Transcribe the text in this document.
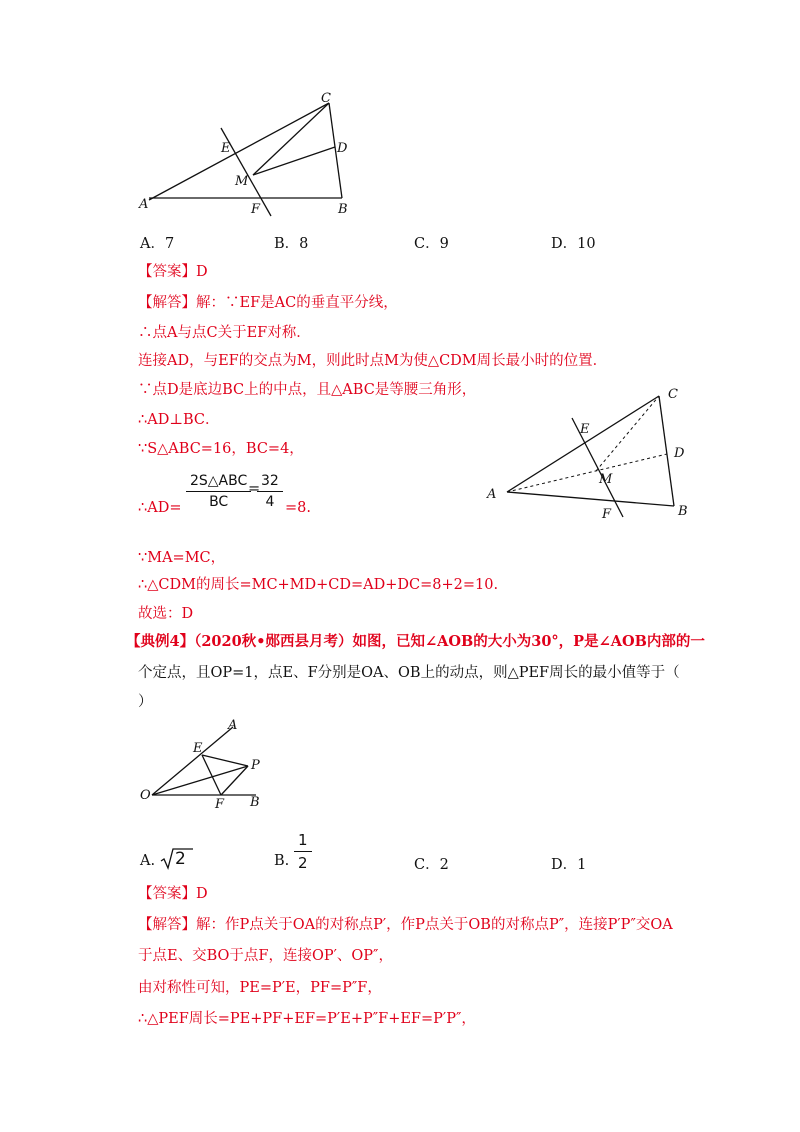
C
E	D
M
A	F	B
A．7	B．8	C．9	D．10
【答案】D
【解答】解：∵EF是AC的垂直平分线，
∴点A与点C关于EF对称．
连接AD，与EF的交点为M，则此时点M为使△CDM周长最小时的位置．
∵点D是底边BC上的中点，且△ABC是等腰三角形，
∴AD⊥BC．
∵S△ABC=16，BC=4，
∴AD=
2S△ABC
BC
=
$\frac{32}{4} =8$.
∵MA=MC，
∴△CDM的周长=MC+MD+CD=AD+DC=8+2=10.
故选：D
C
E
D
M
A
F	B
【典例4】（2020秋•郧西县月考）如图，已知∠AOB的大小为30°，P是∠AOB内部的一
个定点，且OP=1，点E、F分别是OA、OB上的动点，则△PEF周长的最小值等于（
）
A
E
P
O
F B
A. 2	B. $\frac{1}{2}$	C．2	D．1
【答案】D
【解答】解：作P点关于OA的对称点P′，作P点关于OB的对称点P″，连接P′P″交OA
于点E、交BO于点F，连接OP′、OP″，
由对称性可知，PE=P′E，PF=P″F，
∴△PEF周长=PE+PF+EF=P′E+P″F+EF=P′P″，
